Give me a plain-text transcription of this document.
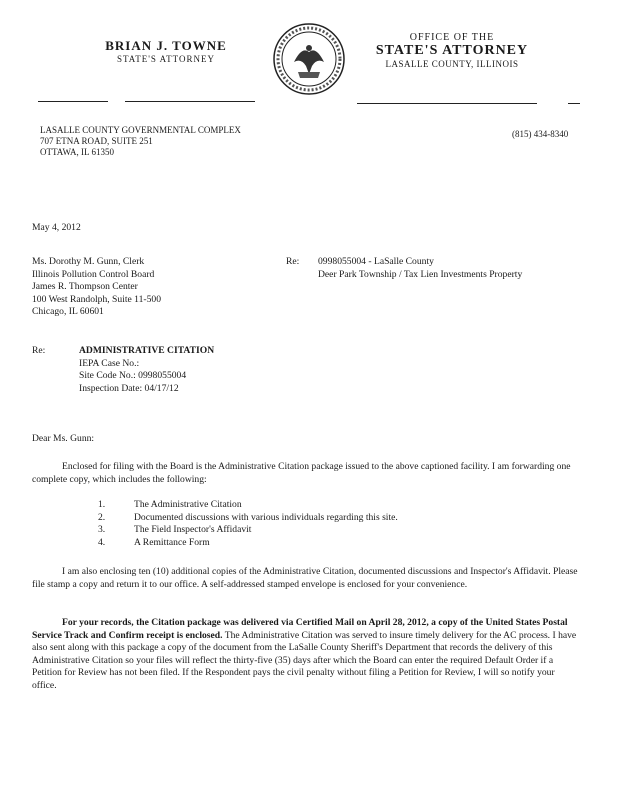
BRIAN J. TOWNE
STATE'S ATTORNEY
OFFICE OF THE
STATE'S ATTORNEY
LASALLE COUNTY, ILLINOIS
LASALLE COUNTY GOVERNMENTAL COMPLEX
707 ETNA ROAD, SUITE 251
OTTAWA, IL 61350
(815) 434-8340
May 4, 2012
Ms. Dorothy M. Gunn, Clerk
Illinois Pollution Control Board
James R. Thompson Center
100 West Randolph, Suite 11-500
Chicago, IL 60601
Re: 0998055004 - LaSalle County
Deer Park Township / Tax Lien Investments Property
Re:	ADMINISTRATIVE CITATION
IEPA Case No.:
Site Code No.: 0998055004
Inspection Date: 04/17/12
Dear Ms. Gunn:
Enclosed for filing with the Board is the Administrative Citation package issued to the above captioned facility. I am forwarding one complete copy, which includes the following:
1.	The Administrative Citation
2.	Documented discussions with various individuals regarding this site.
3.	The Field Inspector's Affidavit
4.	A Remittance Form
I am also enclosing ten (10) additional copies of the Administrative Citation, documented discussions and Inspector's Affidavit. Please file stamp a copy and return it to our office. A self-addressed stamped envelope is enclosed for your convenience.
For your records, the Citation package was delivered via Certified Mail on April 28, 2012, a copy of the United States Postal Service Track and Confirm receipt is enclosed. The Administrative Citation was served to insure timely delivery for the AC process. I have also sent along with this package a copy of the document from the LaSalle County Sheriff's Department that records the delivery of this Administrative Citation so your files will reflect the thirty-five (35) days after which the Board can enter the required Default Order if a Petition for Review has not been filed. If the Respondent pays the civil penalty without filing a Petition for Review, I will so notify your office.
